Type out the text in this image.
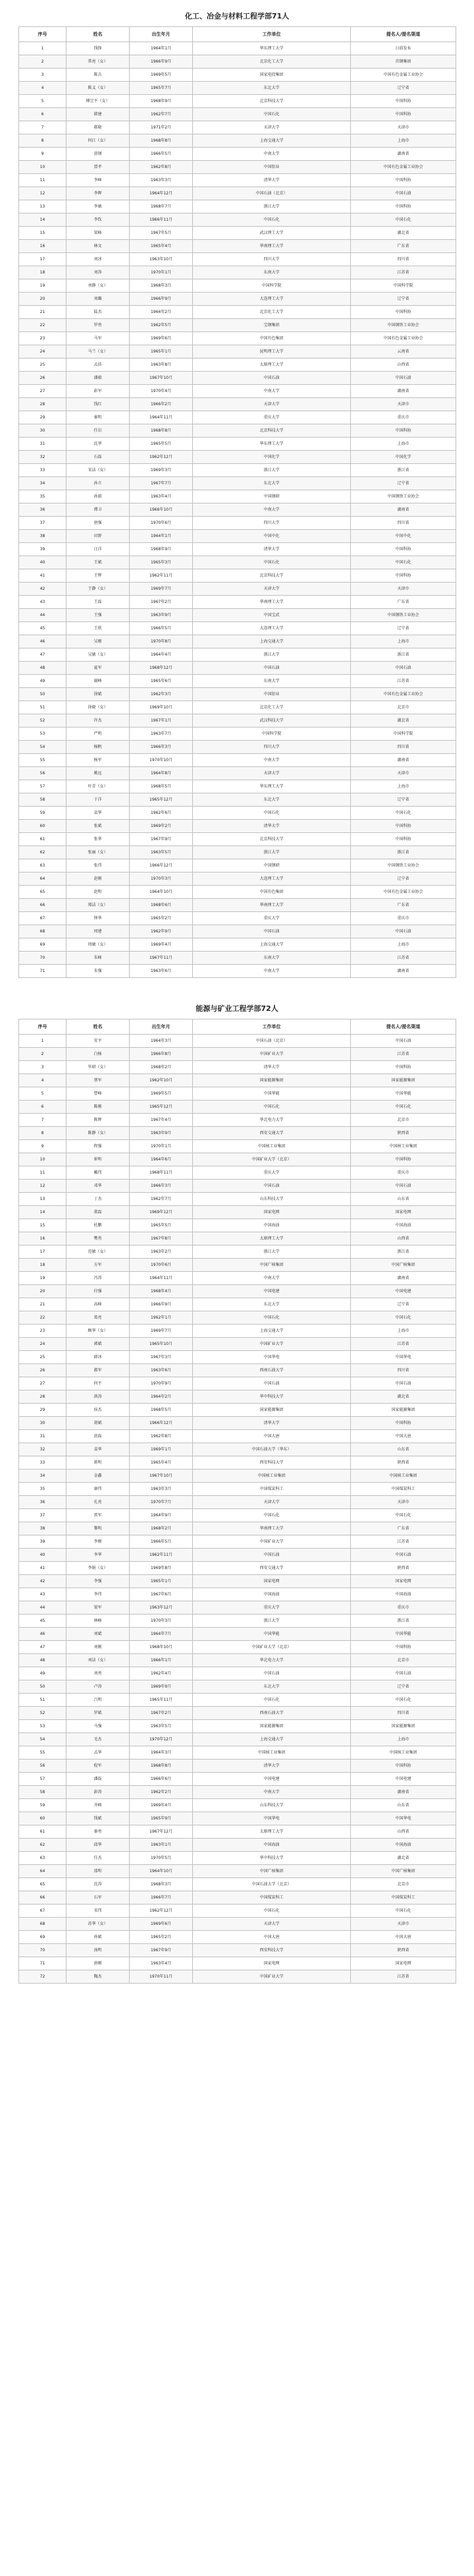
化工、冶金与材料工程学部71人
序号	姓名	出生年月	工作单位	提名人/提名渠道
1	钱锋	1964年1月	华东理工大学	日前发布
2	常亮（女）	1966年9月	北京化工大学	首钢集团
3	陈兵	1969年5月	国家电投集团	中国有色金属工业协会
4	陈义（女）	1965年7月	东北大学	辽宁省
5	傅昱平（女）	1968年9月	北京科技大学	中国科协
6	韩建	1962年7月	中国石化	中国科协
7	郝晓	1971年2月	天津大学	天津市
8	何江（女）	1968年8月	上海交通大学	上海市
9	黄钢	1966年5月	中南大学	湖南省
10	贾孝	1962年8月	中国铝业	中国有色金属工业协会
11	李峰	1963年3月	清华大学	中国科协
12	李晖	1964年12月	中国石油（北京）	中国石油
13	李敏	1968年7月	浙江大学	中国科协
14	李钦	1966年11月	中国石化	中国石化
15	梁峰	1967年5月	武汉理工大学	湖北省
16	林文	1965年4月	华南理工大学	广东省
17	刘冰	1963年10月	四川大学	四川省
18	刘涛	1970年1月	东南大学	江苏省
19	刘静（女）	1968年3月	中国科学院	中国科学院
20	刘璐	1966年9月	大连理工大学	辽宁省
21	陆杰	1964年2月	北京化工大学	中国科协
22	罗勇	1962年5月	宝钢集团	中国钢铁工业协会
23	马军	1969年6月	中国有色集团	中国有色金属工业协会
24	马兰（女）	1965年1月	昆明理工大学	云南省
25	孟浩	1963年8月	太原理工大学	山西省
26	潘毅	1967年10月	中国石油	中国石油
27	彭军	1970年4月	中南大学	湖南省
28	钱红	1966年2月	天津大学	天津市
29	秦明	1964年11月	重庆大学	重庆市
30	任岩	1968年8月	北京科技大学	中国科协
31	沈华	1965年5月	华东理工大学	上海市
32	石磊	1962年12月	中国化学	中国化学
33	宋洁（女）	1969年3月	浙江大学	浙江省
34	孙立	1967年7月	东北大学	辽宁省
35	孙毅	1963年4月	中国钢研	中国钢铁工业协会
36	谭卫	1966年10月	中南大学	湖南省
37	唐强	1970年6月	四川大学	四川省
38	田野	1964年1月	中国中化	中国中化
39	汪洋	1968年9月	清华大学	中国科协
40	王斌	1965年3月	中国石化	中国石化
41	王辉	1962年11月	北京科技大学	中国科协
42	王静（女）	1969年7月	天津大学	天津市
43	王磊	1967年2月	华南理工大学	广东省
44	王强	1963年9月	中国宝武	中国钢铁工业协会
45	王欣	1966年5月	大连理工大学	辽宁省
46	吴刚	1970年8月	上海交通大学	上海市
47	吴敏（女）	1964年4月	浙江大学	浙江省
48	夏军	1968年12月	中国石油	中国石油
49	谢峰	1965年6月	东南大学	江苏省
50	徐斌	1962年3月	中国铝业	中国有色金属工业协会
51	徐晓（女）	1969年10月	北京化工大学	北京市
52	许杰	1967年1月	武汉科技大学	湖北省
53	严明	1963年7月	中国科学院	中国科学院
54	杨帆	1966年3月	四川大学	四川省
55	杨军	1970年10月	中南大学	湖南省
56	姚远	1964年8月	天津大学	天津市
57	叶青（女）	1968年5月	华东理工大学	上海市
58	于洋	1965年12月	东北大学	辽宁省
59	袁华	1962年6月	中国石化	中国石化
60	张斌	1969年2月	清华大学	中国科协
61	张华	1967年9月	北京科技大学	中国科协
62	张丽（女）	1963年5月	浙江大学	浙江省
63	张伟	1966年12月	中国钢研	中国钢铁工业协会
64	赵刚	1970年3月	大连理工大学	辽宁省
65	赵明	1964年10月	中国有色集团	中国有色金属工业协会
66	郑洁（女）	1968年6月	华南理工大学	广东省
67	钟华	1965年2月	重庆大学	重庆市
68	周建	1962年9月	中国石油	中国石油
69	周敏（女）	1969年4月	上海交通大学	上海市
70	朱峰	1967年11月	东南大学	江苏省
71	朱强	1963年6月	中南大学	湖南省
能源与矿业工程学部72人
序号	姓名	出生年月	工作单位	提名人/提名渠道
1	安平	1964年3月	中国石油（北京）	中国石油
2	白杨	1966年8月	中国矿业大学	江苏省
3	毕研（女）	1968年2月	清华大学	中国科协
4	蔡军	1962年10月	国家能源集团	国家能源集团
5	曹峰	1969年5月	中国华能	中国华能
6	陈刚	1965年12月	中国石化	中国石化
7	陈辉	1967年4月	华北电力大学	北京市
8	陈静（女）	1963年9月	西安交通大学	陕西省
9	程强	1970年1月	中国核工业集团	中国核工业集团
10	崔明	1964年6月	中国矿业大学（北京）	中国科协
11	戴伟	1968年11月	重庆大学	重庆市
12	邓华	1966年3月	中国石油	中国石油
13	丁杰	1962年7月	山东科技大学	山东省
14	董磊	1969年12月	国家电网	国家电网
15	杜鹏	1965年5月	中国海油	中国海油
16	樊勇	1967年8月	太原理工大学	山西省
17	范敏（女）	1963年2月	浙江大学	浙江省
18	方军	1970年6月	中国广核集团	中国广核集团
19	冯涛	1964年11月	中南大学	湖南省
20	付强	1968年4月	中国电建	中国电建
21	高峰	1966年9月	东北大学	辽宁省
22	葛亮	1962年1月	中国石化	中国石化
23	顾华（女）	1969年7月	上海交通大学	上海市
24	郭斌	1965年10月	中国矿业大学	江苏省
25	韩冰	1967年3月	中国华电	中国华电
26	郝军	1963年6月	西南石油大学	四川省
27	何平	1970年9月	中国石油	中国石油
28	洪涛	1964年2月	华中科技大学	湖北省
29	侯杰	1968年5月	国家能源集团	国家能源集团
30	胡斌	1966年12月	清华大学	中国科协
31	黄磊	1962年8月	中国大唐	中国大唐
32	姜华	1969年1月	中国石油大学（华东）	山东省
33	蒋明	1965年4月	西安科技大学	陕西省
34	金鑫	1967年10月	中国核工业集团	中国核工业集团
35	康伟	1963年3月	中国煤炭科工	中国煤炭科工
36	孔亮	1970年7月	天津大学	天津市
37	雷军	1964年9月	中国石化	中国石化
38	黎明	1968年2月	华南理工大学	广东省
39	李刚	1966年5月	中国矿业大学	江苏省
40	李华	1962年11月	中国石油	中国石油
41	李娟（女）	1969年8月	西安交通大学	陕西省
42	李强	1965年1月	国家电网	国家电网
43	李伟	1967年6月	中国海油	中国海油
44	梁军	1963年12月	重庆大学	重庆市
45	林峰	1970年3月	浙江大学	浙江省
46	刘斌	1964年7月	中国华能	中国华能
47	刘刚	1968年10月	中国矿业大学（北京）	中国科协
48	刘洁（女）	1966年1月	华北电力大学	北京市
49	刘勇	1962年4月	中国石油	中国石油
50	卢涛	1969年9月	东北大学	辽宁省
51	吕明	1965年11月	中国石化	中国石化
52	罗斌	1967年2月	西南石油大学	四川省
53	马强	1963年5月	国家能源集团	国家能源集团
54	毛杰	1970年12月	上海交通大学	上海市
55	孟华	1964年3月	中国核工业集团	中国核工业集团
56	倪军	1968年8月	清华大学	中国科协
57	潘磊	1966年6月	中国电建	中国电建
58	彭涛	1962年2月	中南大学	湖南省
59	齐峰	1969年4月	山东科技大学	山东省
60	钱斌	1965年9月	中国华电	中国华电
61	秦勇	1967年12月	太原理工大学	山西省
62	邱华	1963年1月	中国海油	中国海油
63	任杰	1970年5月	华中科技大学	湖北省
64	邵明	1964年10月	中国广核集团	中国广核集团
65	沈涛	1968年3月	中国石油大学（北京）	北京市
66	石军	1966年7月	中国煤炭科工	中国煤炭科工
67	宋伟	1962年12月	中国石化	中国石化
68	苏华（女）	1969年6月	天津大学	天津市
69	孙斌	1965年2月	中国大唐	中国大唐
70	汤明	1967年9月	西安科技大学	陕西省
71	唐刚	1963年4月	国家电网	国家电网
72	陶杰	1970年11月	中国矿业大学	江苏省
